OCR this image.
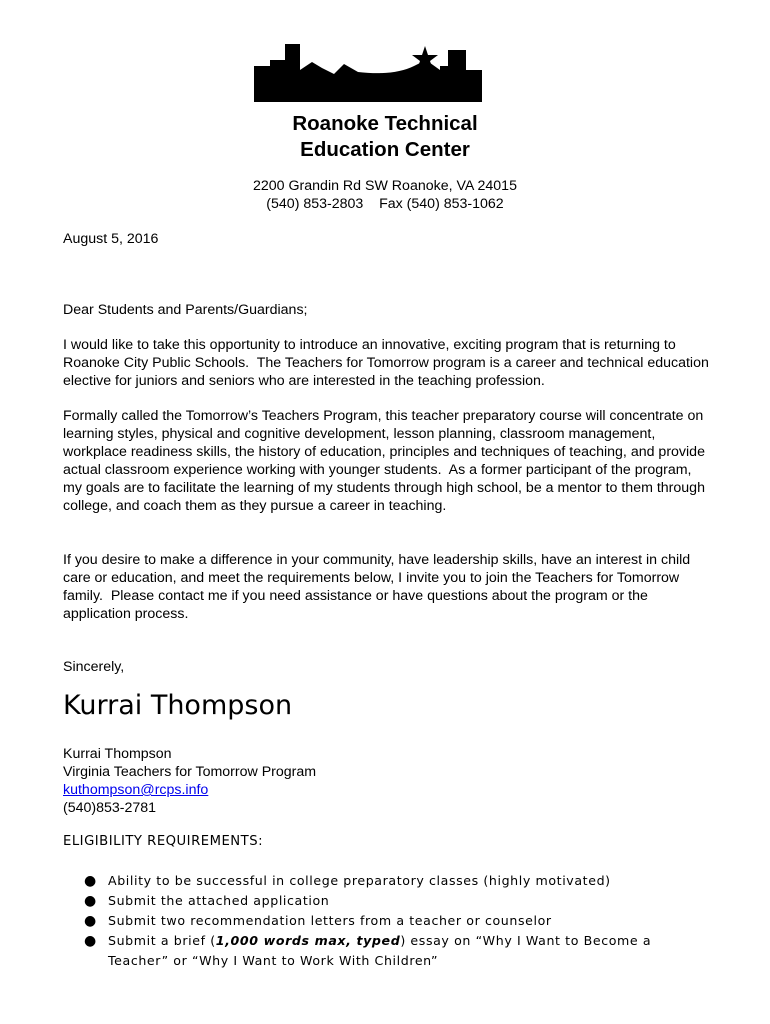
Roanoke Technical
Education Center
2200 Grandin Rd SW Roanoke, VA 24015
(540) 853-2803    Fax (540) 853-1062
August 5, 2016
Dear Students and Parents/Guardians;

I would like to take this opportunity to introduce an innovative, exciting program that is returning to Roanoke City Public Schools.  The Teachers for Tomorrow program is a career and technical education elective for juniors and seniors who are interested in the teaching profession.

Formally called the Tomorrow’s Teachers Program, this teacher preparatory course will concentrate on learning styles, physical and cognitive development, lesson planning, classroom management, workplace readiness skills, the history of education, principles and techniques of teaching, and provide actual classroom experience working with younger students.  As a former participant of the program, my goals are to facilitate the learning of my students through high school, be a mentor to them through college, and coach them as they pursue a career in teaching.

If you desire to make a difference in your community, have leadership skills, have an interest in child care or education, and meet the requirements below, I invite you to join the Teachers for Tomorrow family.  Please contact me if you need assistance or have questions about the program or the application process.

Sincerely,
Kurrai Thompson
Kurrai Thompson
Virginia Teachers for Tomorrow Program
kuthompson@rcps.info
(540)853-2781
ELIGIBILITY REQUIREMENTS:
● Ability to be successful in college preparatory classes (highly motivated)
● Submit the attached application
● Submit two recommendation letters from a teacher or counselor
● Submit a brief (1,000 words max, typed) essay on “Why I Want to Become a Teacher” or “Why I Want to Work With Children”
